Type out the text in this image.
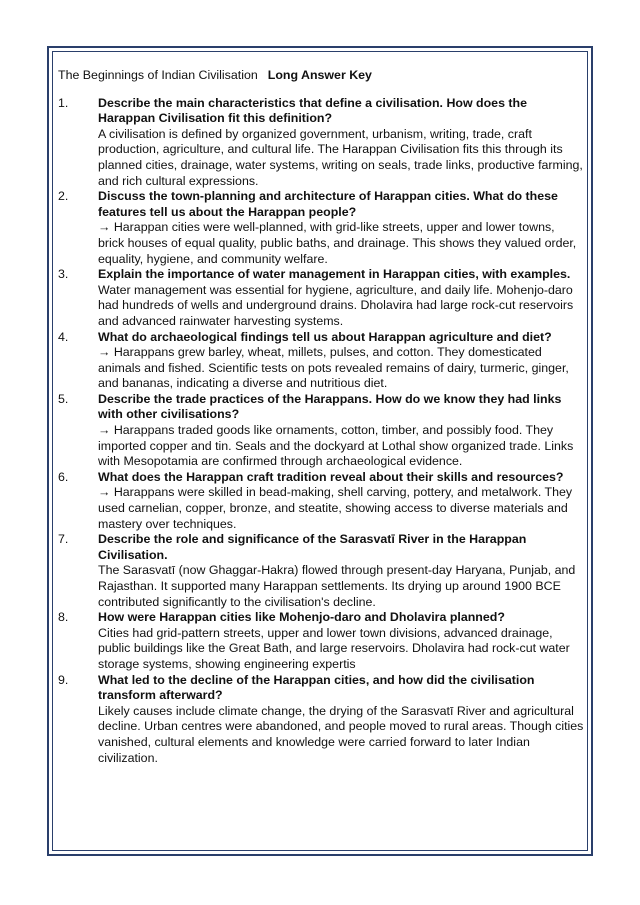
The Beginnings of Indian Civilisation Long Answer Key
1. Describe the main characteristics that define a civilisation. How does the Harappan Civilisation fit this definition?
A civilisation is defined by organized government, urbanism, writing, trade, craft production, agriculture, and cultural life. The Harappan Civilisation fits this through its planned cities, drainage, water systems, writing on seals, trade links, productive farming, and rich cultural expressions.
2. Discuss the town-planning and architecture of Harappan cities. What do these features tell us about the Harappan people?
→ Harappan cities were well-planned, with grid-like streets, upper and lower towns, brick houses of equal quality, public baths, and drainage. This shows they valued order, equality, hygiene, and community welfare.
3. Explain the importance of water management in Harappan cities, with examples.
Water management was essential for hygiene, agriculture, and daily life. Mohenjo-daro had hundreds of wells and underground drains. Dholavira had large rock-cut reservoirs and advanced rainwater harvesting systems.
4. What do archaeological findings tell us about Harappan agriculture and diet?
→ Harappans grew barley, wheat, millets, pulses, and cotton. They domesticated animals and fished. Scientific tests on pots revealed remains of dairy, turmeric, ginger, and bananas, indicating a diverse and nutritious diet.
5. Describe the trade practices of the Harappans. How do we know they had links with other civilisations?
→ Harappans traded goods like ornaments, cotton, timber, and possibly food. They imported copper and tin. Seals and the dockyard at Lothal show organized trade. Links with Mesopotamia are confirmed through archaeological evidence.
6. What does the Harappan craft tradition reveal about their skills and resources?
→ Harappans were skilled in bead-making, shell carving, pottery, and metalwork. They used carnelian, copper, bronze, and steatite, showing access to diverse materials and mastery over techniques.
7. Describe the role and significance of the Sarasvatī River in the Harappan Civilisation.
The Sarasvatī (now Ghaggar-Hakra) flowed through present-day Haryana, Punjab, and Rajasthan. It supported many Harappan settlements. Its drying up around 1900 BCE contributed significantly to the civilisation's decline.
8. How were Harappan cities like Mohenjo-daro and Dholavira planned?
Cities had grid-pattern streets, upper and lower town divisions, advanced drainage, public buildings like the Great Bath, and large reservoirs. Dholavira had rock-cut water storage systems, showing engineering expertis
9. What led to the decline of the Harappan cities, and how did the civilisation transform afterward?
Likely causes include climate change, the drying of the Sarasvatī River and agricultural decline. Urban centres were abandoned, and people moved to rural areas. Though cities vanished, cultural elements and knowledge were carried forward to later Indian civilization.
